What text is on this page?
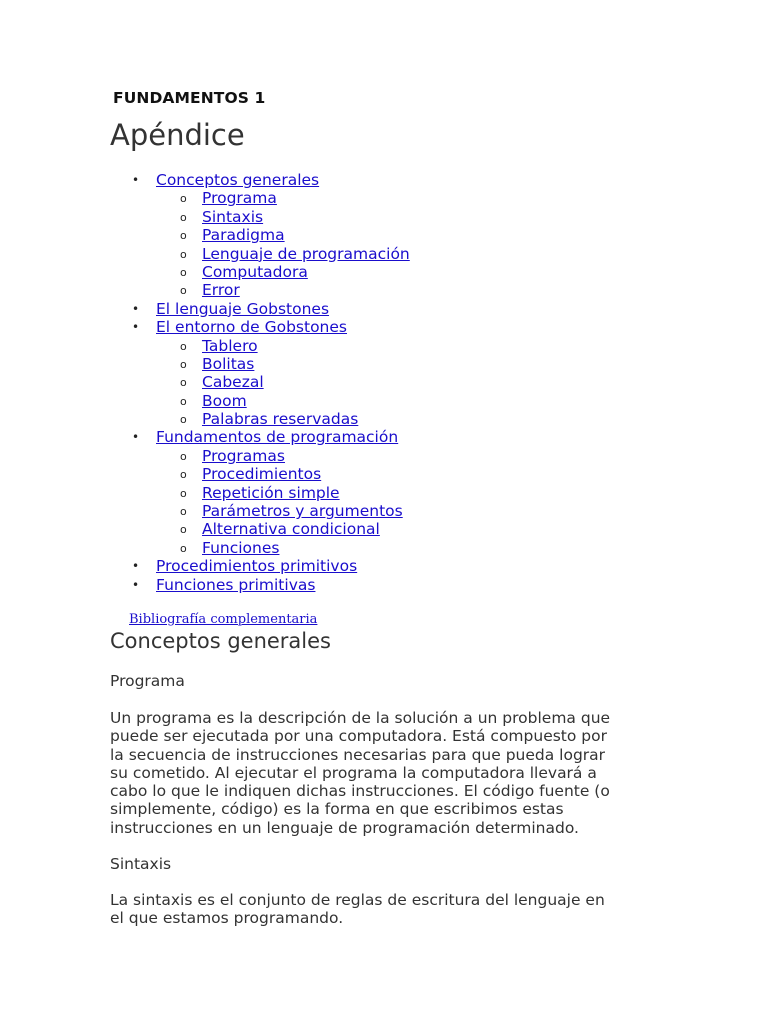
FUNDAMENTOS 1
Apéndice
• Conceptos generales
o Programa
o Sintaxis
o Paradigma
o Lenguaje de programación
o Computadora
o Error
• El lenguaje Gobstones
• El entorno de Gobstones
o Tablero
o Bolitas
o Cabezal
o Boom
o Palabras reservadas
• Fundamentos de programación
o Programas
o Procedimientos
o Repetición simple
o Parámetros y argumentos
o Alternativa condicional
o Funciones
• Procedimientos primitivos
• Funciones primitivas
Bibliografía complementaria
Conceptos generales
Programa

Un programa es la descripción de la solución a un problema que
puede ser ejecutada por una computadora. Está compuesto por
la secuencia de instrucciones necesarias para que pueda lograr
su cometido. Al ejecutar el programa la computadora llevará a
cabo lo que le indiquen dichas instrucciones. El código fuente (o
simplemente, código) es la forma en que escribimos estas
instrucciones en un lenguaje de programación determinado.

Sintaxis

La sintaxis es el conjunto de reglas de escritura del lenguaje en
el que estamos programando.
